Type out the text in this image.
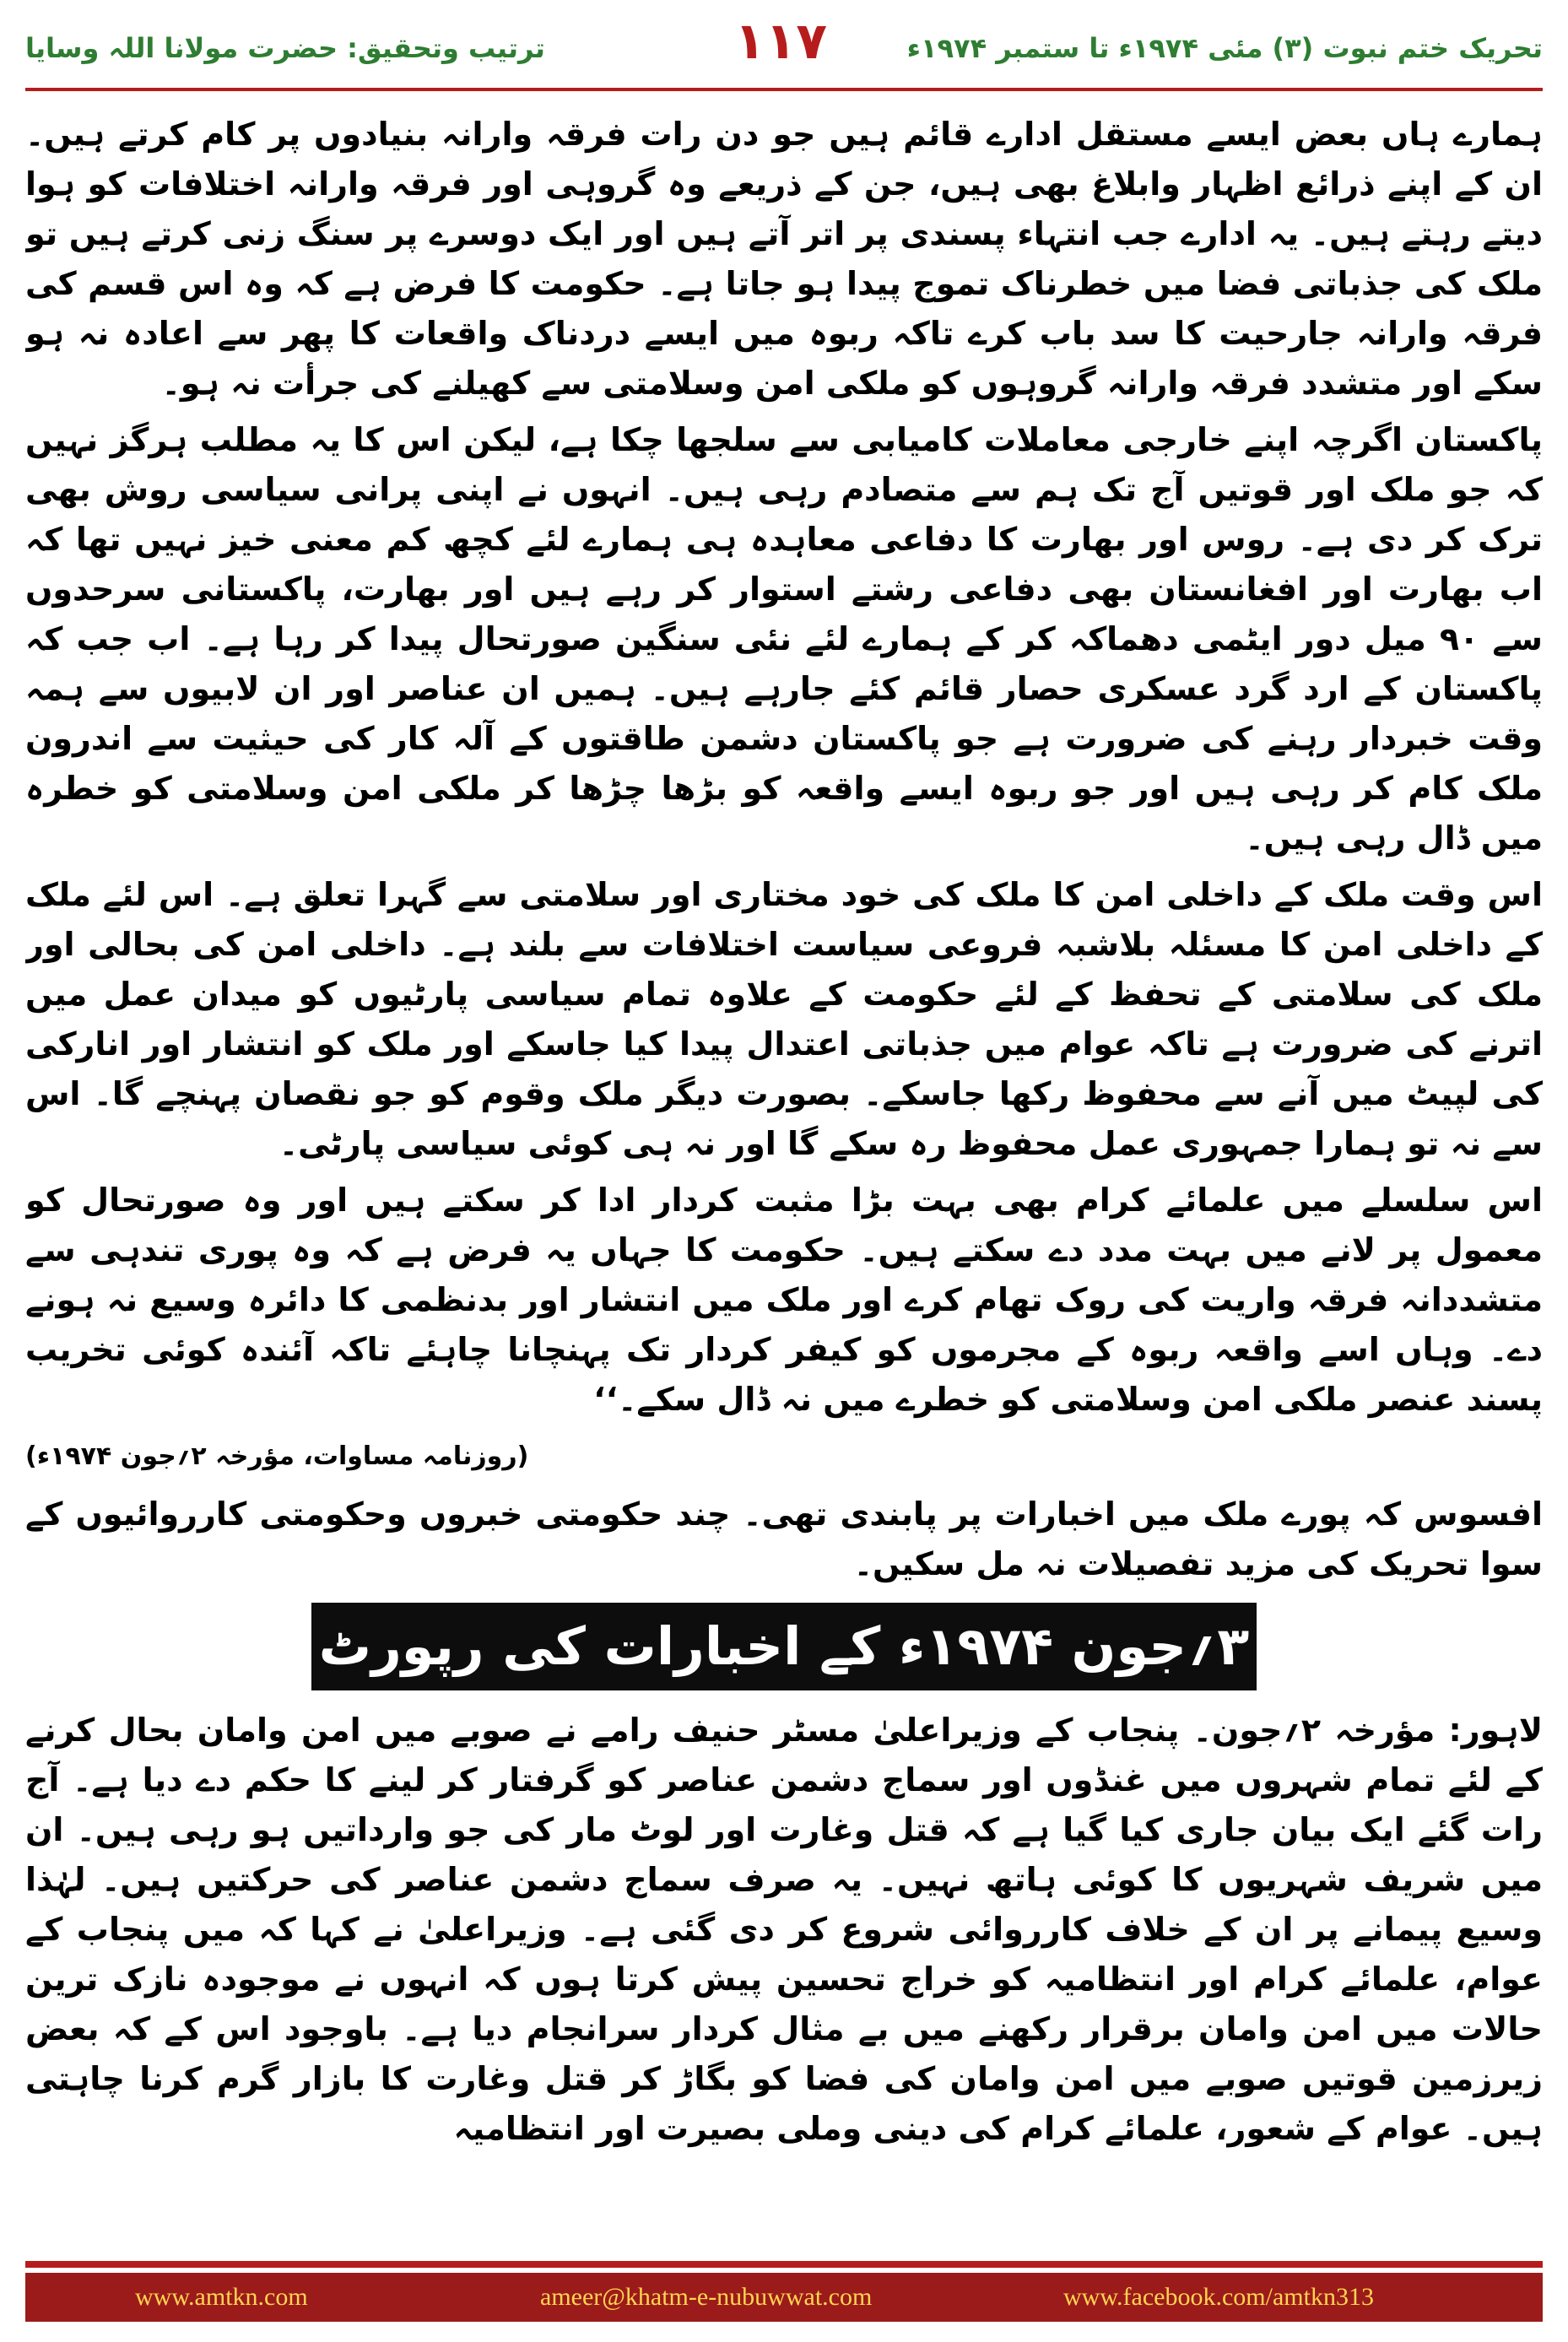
ترتیب وتحقیق: حضرت مولانا اللہ وسایا	۱۱۷	تحریک ختم نبوت (۳) مئی ۱۹۷۴ء تا ستمبر ۱۹۷۴ء

ہمارے ہاں بعض ایسے مستقل ادارے قائم ہیں جو دن رات فرقہ وارانہ بنیادوں پر کام کرتے ہیں۔ ان کے اپنے ذرائع اظہار وابلاغ بھی ہیں، جن کے ذریعے وہ گروہی اور فرقہ وارانہ اختلافات کو ہوا دیتے رہتے ہیں۔ یہ ادارے جب انتہاء پسندی پر اتر آتے ہیں اور ایک دوسرے پر سنگ زنی کرتے ہیں تو ملک کی جذباتی فضا میں خطرناک تموج پیدا ہو جاتا ہے۔ حکومت کا فرض ہے کہ وہ اس قسم کی فرقہ وارانہ جارحیت کا سد باب کرے تاکہ ربوہ میں ایسے دردناک واقعات کا پھر سے اعادہ نہ ہو سکے اور متشدد فرقہ وارانہ گروہوں کو ملکی امن وسلامتی سے کھیلنے کی جرأت نہ ہو۔

پاکستان اگرچہ اپنے خارجی معاملات کامیابی سے سلجھا چکا ہے، لیکن اس کا یہ مطلب ہرگز نہیں کہ جو ملک اور قوتیں آج تک ہم سے متصادم رہی ہیں۔ انہوں نے اپنی پرانی سیاسی روش بھی ترک کر دی ہے۔ روس اور بھارت کا دفاعی معاہدہ ہی ہمارے لئے کچھ کم معنی خیز نہیں تھا کہ اب بھارت اور افغانستان بھی دفاعی رشتے استوار کر رہے ہیں اور بھارت، پاکستانی سرحدوں سے ۹۰ میل دور ایٹمی دھماکہ کر کے ہمارے لئے نئی سنگین صورتحال پیدا کر رہا ہے۔ اب جب کہ پاکستان کے ارد گرد عسکری حصار قائم کئے جارہے ہیں۔ ہمیں ان عناصر اور ان لابیوں سے ہمہ وقت خبردار رہنے کی ضرورت ہے جو پاکستان دشمن طاقتوں کے آلہ کار کی حیثیت سے اندرون ملک کام کر رہی ہیں اور جو ربوہ ایسے واقعہ کو بڑھا چڑھا کر ملکی امن وسلامتی کو خطرہ میں ڈال رہی ہیں۔

اس وقت ملک کے داخلی امن کا ملک کی خود مختاری اور سلامتی سے گہرا تعلق ہے۔ اس لئے ملک کے داخلی امن کا مسئلہ بلاشبہ فروعی سیاست اختلافات سے بلند ہے۔ داخلی امن کی بحالی اور ملک کی سلامتی کے تحفظ کے لئے حکومت کے علاوہ تمام سیاسی پارٹیوں کو میدان عمل میں اترنے کی ضرورت ہے تاکہ عوام میں جذباتی اعتدال پیدا کیا جاسکے اور ملک کو انتشار اور انارکی کی لپیٹ میں آنے سے محفوظ رکھا جاسکے۔ بصورت دیگر ملک وقوم کو جو نقصان پہنچے گا۔ اس سے نہ تو ہمارا جمہوری عمل محفوظ رہ سکے گا اور نہ ہی کوئی سیاسی پارٹی۔

اس سلسلے میں علمائے کرام بھی بہت بڑا مثبت کردار ادا کر سکتے ہیں اور وہ صورتحال کو معمول پر لانے میں بہت مدد دے سکتے ہیں۔ حکومت کا جہاں یہ فرض ہے کہ وہ پوری تندہی سے متشددانہ فرقہ واریت کی روک تھام کرے اور ملک میں انتشار اور بدنظمی کا دائرہ وسیع نہ ہونے دے۔ وہاں اسے واقعہ ربوہ کے مجرموں کو کیفر کردار تک پہنچانا چاہئے تاکہ آئندہ کوئی تخریب پسند عنصر ملکی امن وسلامتی کو خطرے میں نہ ڈال سکے۔‘‘

(روزنامہ مساوات، مؤرخہ ۲؍جون ۱۹۷۴ء)

افسوس کہ پورے ملک میں اخبارات پر پابندی تھی۔ چند حکومتی خبروں وحکومتی کارروائیوں کے سوا تحریک کی مزید تفصیلات نہ مل سکیں۔

۳؍جون ۱۹۷۴ء کے اخبارات کی رپورٹ

لاہور: مؤرخہ ۲؍جون۔ پنجاب کے وزیراعلیٰ مسٹر حنیف رامے نے صوبے میں امن وامان بحال کرنے کے لئے تمام شہروں میں غنڈوں اور سماج دشمن عناصر کو گرفتار کر لینے کا حکم دے دیا ہے۔ آج رات گئے ایک بیان جاری کیا گیا ہے کہ قتل وغارت اور لوٹ مار کی جو وارداتیں ہو رہی ہیں۔ ان میں شریف شہریوں کا کوئی ہاتھ نہیں۔ یہ صرف سماج دشمن عناصر کی حرکتیں ہیں۔ لہٰذا وسیع پیمانے پر ان کے خلاف کارروائی شروع کر دی گئی ہے۔ وزیراعلیٰ نے کہا کہ میں پنجاب کے عوام، علمائے کرام اور انتظامیہ کو خراج تحسین پیش کرتا ہوں کہ انہوں نے موجودہ نازک ترین حالات میں امن وامان برقرار رکھنے میں بے مثال کردار سرانجام دیا ہے۔ باوجود اس کے کہ بعض زیرزمین قوتیں صوبے میں امن وامان کی فضا کو بگاڑ کر قتل وغارت کا بازار گرم کرنا چاہتی ہیں۔ عوام کے شعور، علمائے کرام کی دینی وملی بصیرت اور انتظامیہ

www.amtkn.com	ameer@khatm-e-nubuwwat.com	www.facebook.com/amtkn313
